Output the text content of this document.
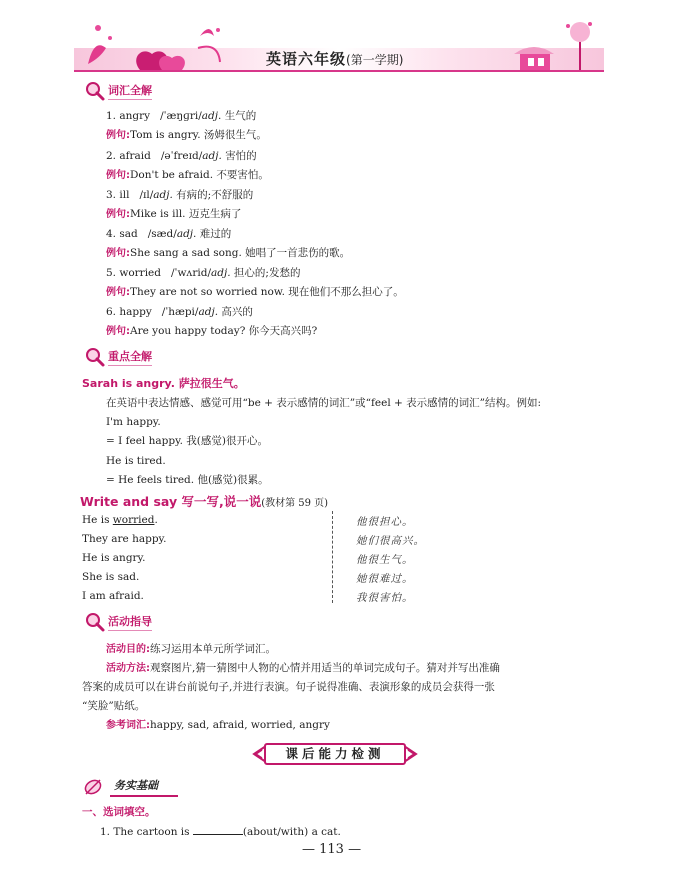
英语六年级(第一学期)
词汇全解
1. angry /ˈæŋɡri/adj. 生气的
例句:Tom is angry. 汤姆很生气。
2. afraid /əˈfreɪd/adj. 害怕的
例句:Don't be afraid. 不要害怕。
3. ill /ɪl/adj. 有病的;不舒服的
例句:Mike is ill. 迈克生病了
4. sad /sæd/adj. 难过的
例句:She sang a sad song. 她唱了一首悲伤的歌。
5. worried /ˈwʌrid/adj. 担心的;发愁的
例句:They are not so worried now. 现在他们不那么担心了。
6. happy /ˈhæpi/adj. 高兴的
例句:Are you happy today? 你今天高兴吗?
重点全解
Sarah is angry. 萨拉很生气。
在英语中表达情感、感觉可用“be + 表示感情的词汇”或“feel + 表示感情的词汇”结构。例如:
I'm happy.
= I feel happy. 我(感觉)很开心。
He is tired.
= He feels tired. 他(感觉)很累。
Write and say 写一写,说一说(教材第 59 页)
He is worried.	他很担心。
They are happy.	她们很高兴。
He is angry.	他很生气。
She is sad.	她很难过。
I am afraid.	我很害怕。
活动指导
活动目的:练习运用本单元所学词汇。
活动方法:观察图片,猜一猜图中人物的心情并用适当的单词完成句子。猜对并写出准确
答案的成员可以在讲台前说句子,并进行表演。句子说得准确、表演形象的成员会获得一张
“笑脸”贴纸。
参考词汇:happy, sad, afraid, worried, angry
课后能力检测
务实基础
一、选词填空。
1. The cartoon is	(about/with) a cat.
— 113 —
